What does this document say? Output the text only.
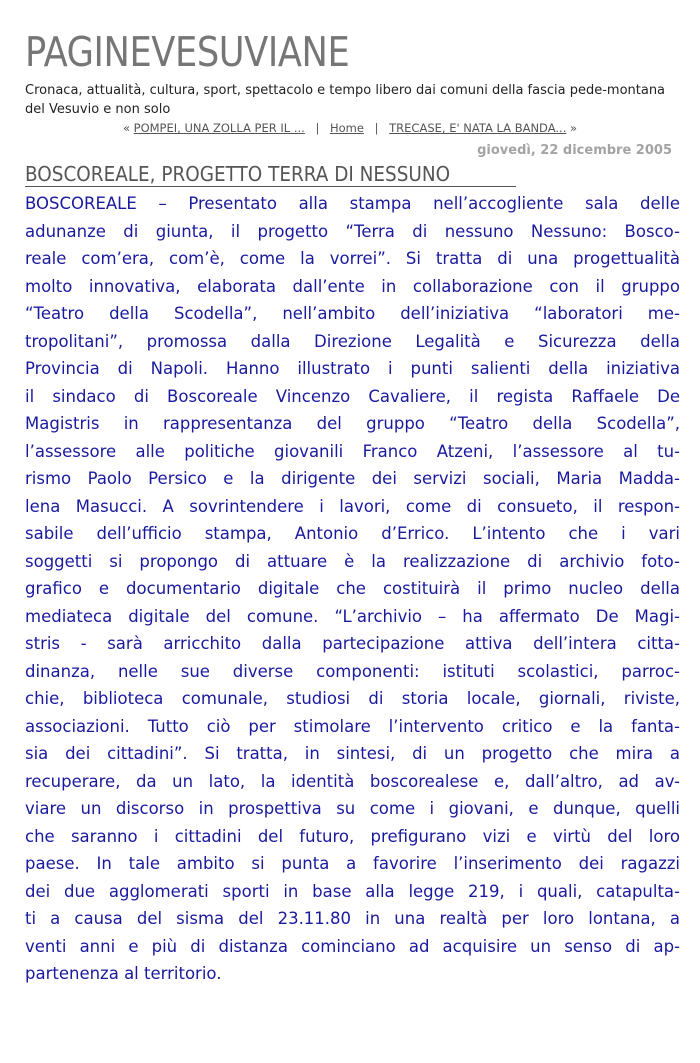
PAGINEVESUVIANE

Cronaca, attualità, cultura, sport, spettacolo e tempo libero dai comuni della fascia pede-montana del Vesuvio e non solo

« POMPEI, UNA ZOLLA PER IL ... | Home | TRECASE, E' NATA LA BANDA... »
giovedì, 22 dicembre 2005
BOSCOREALE, PROGETTO TERRA DI NESSUNO
BOSCOREALE – Presentato alla stampa nell’accogliente sala delle
adunanze di giunta, il progetto “Terra di nessuno Nessuno: Bosco-
reale com’era, com’è, come la vorrei”. Si tratta di una progettualità
molto innovativa, elaborata dall’ente in collaborazione con il gruppo
“Teatro della Scodella”, nell’ambito dell’iniziativa “laboratori me-
tropolitani”, promossa dalla Direzione Legalità e Sicurezza della
Provincia di Napoli. Hanno illustrato i punti salienti della iniziativa
il sindaco di Boscoreale Vincenzo Cavaliere, il regista Raffaele De
Magistris in rappresentanza del gruppo “Teatro della Scodella”,
l’assessore alle politiche giovanili Franco Atzeni, l’assessore al tu-
rismo Paolo Persico e la dirigente dei servizi sociali, Maria Madda-
lena Masucci. A sovrintendere i lavori, come di consueto, il respon-
sabile dell’ufficio stampa, Antonio d’Errico. L’intento che i vari
soggetti si propongo di attuare è la realizzazione di archivio foto-
grafico e documentario digitale che costituirà il primo nucleo della
mediateca digitale del comune. “L’archivio – ha affermato De Magi-
stris - sarà arricchito dalla partecipazione attiva dell’intera citta-
dinanza, nelle sue diverse componenti: istituti scolastici, parroc-
chie, biblioteca comunale, studiosi di storia locale, giornali, riviste,
associazioni. Tutto ciò per stimolare l’intervento critico e la fanta-
sia dei cittadini”. Si tratta, in sintesi, di un progetto che mira a
recuperare, da un lato, la identità boscorealese e, dall’altro, ad av-
viare un discorso in prospettiva su come i giovani, e dunque, quelli
che saranno i cittadini del futuro, prefigurano vizi e virtù del loro
paese. In tale ambito si punta a favorire l’inserimento dei ragazzi
dei due agglomerati sporti in base alla legge 219, i quali, catapulta-
ti a causa del sisma del 23.11.80 in una realtà per loro lontana, a
venti anni e più di distanza cominciano ad acquisire un senso di ap-
partenenza al territorio.
